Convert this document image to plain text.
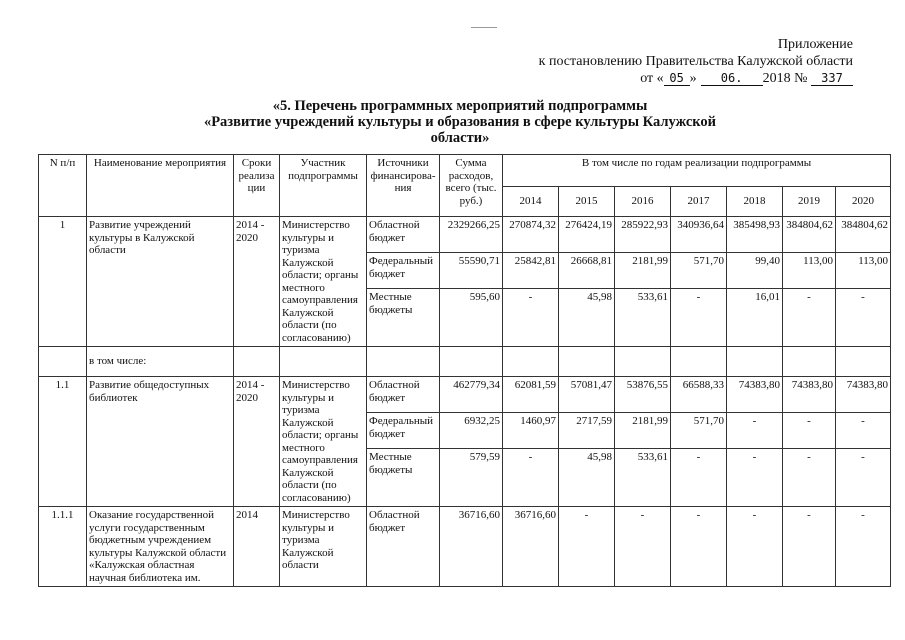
Приложение
к постановлению Правительства Калужской области
от « 05 » 06. 2018 № 337
«5. Перечень программных мероприятий подпрограммы
«Развитие учреждений культуры и образования в сфере культуры Калужской
области»
N п/п	Наименование мероприятия	Сроки реализа ции	Участник подпрограммы	Источники финансирова-ния	Сумма расходов, всего (тыс. руб.)	В том числе по годам реализации подпрограммы						
						2014	2015	2016	2017	2018	2019	2020
1	Развитие учреждений культуры в Калужской области	2014 - 2020	Министерство культуры и туризма Калужской области; органы местного самоуправления Калужской области (по согласованию)	Областной бюджет	2329266,25	270874,32	276424,19	285922,93	340936,64	385498,93	384804,62	384804,62
				Федеральный бюджет	55590,71	25842,81	26668,81	2181,99	571,70	99,40	113,00	113,00
				Местные бюджеты	595,60	-	45,98	533,61	-	16,01	-	-
	в том числе:											
1.1	Развитие общедоступных библиотек	2014 - 2020	Министерство культуры и туризма Калужской области; органы местного самоуправления Калужской области (по согласованию)	Областной бюджет	462779,34	62081,59	57081,47	53876,55	66588,33	74383,80	74383,80	74383,80
				Федеральный бюджет	6932,25	1460,97	2717,59	2181,99	571,70	-	-	-
				Местные бюджеты	579,59	-	45,98	533,61	-	-	-	-
1.1.1	Оказание государственной услуги государственным бюджетным учреждением культуры Калужской области «Калужская областная научная библиотека им.	2014	Министерство культуры и туризма Калужской области	Областной бюджет	36716,60	36716,60	-	-	-	-	-	-
